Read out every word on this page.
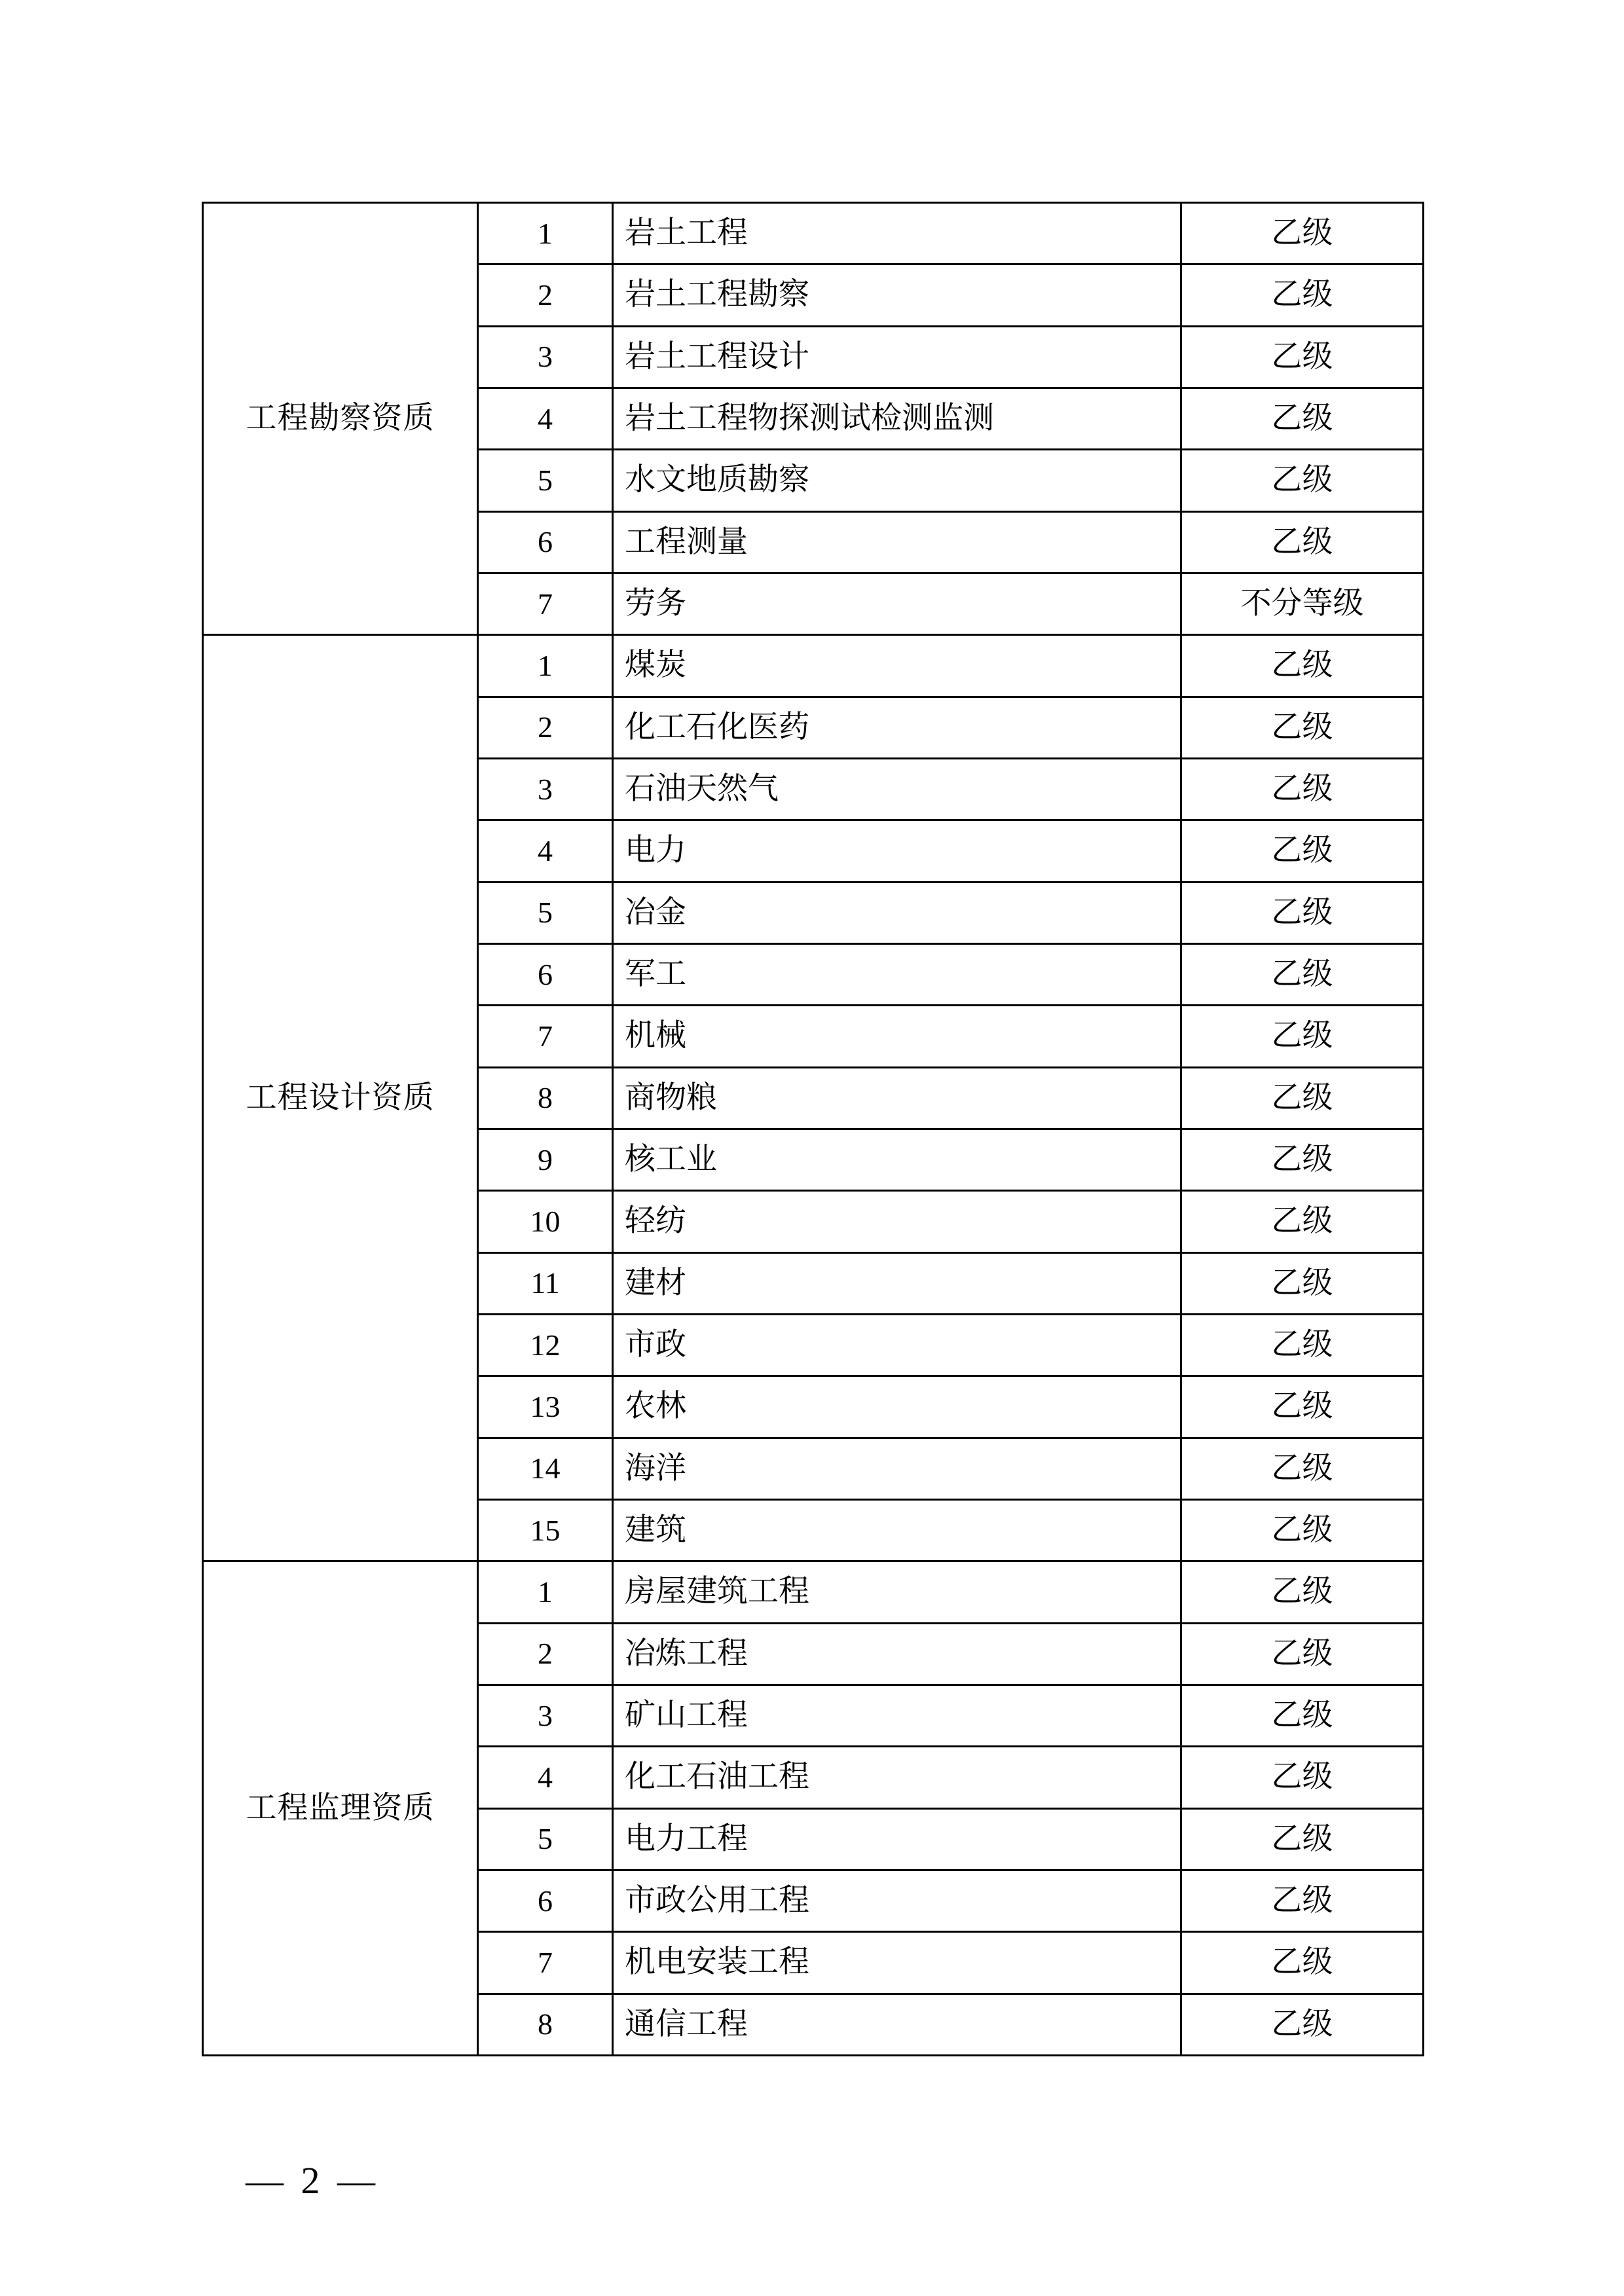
工程勘察资质	1	岩土工程	乙级
	2	岩土工程勘察	乙级
	3	岩土工程设计	乙级
	4	岩土工程物探测试检测监测	乙级
	5	水文地质勘察	乙级
	6	工程测量	乙级
	7	劳务	不分等级
工程设计资质	1	煤炭	乙级
	2	化工石化医药	乙级
	3	石油天然气	乙级
	4	电力	乙级
	5	冶金	乙级
	6	军工	乙级
	7	机械	乙级
	8	商物粮	乙级
	9	核工业	乙级
	10	轻纺	乙级
	11	建材	乙级
	12	市政	乙级
	13	农林	乙级
	14	海洋	乙级
	15	建筑	乙级
工程监理资质	1	房屋建筑工程	乙级
	2	冶炼工程	乙级
	3	矿山工程	乙级
	4	化工石油工程	乙级
	5	电力工程	乙级
	6	市政公用工程	乙级
	7	机电安装工程	乙级
	8	通信工程	乙级
— 2 —
